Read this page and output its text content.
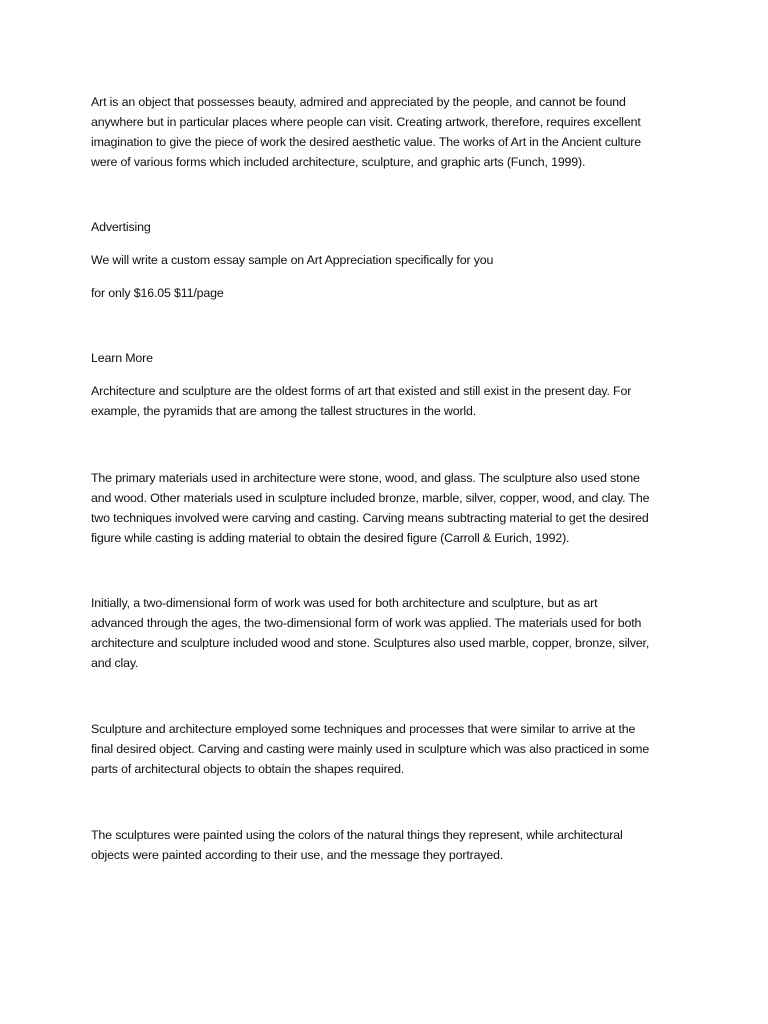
Art is an object that possesses beauty, admired and appreciated by the people, and cannot be found
anywhere but in particular places where people can visit. Creating artwork, therefore, requires excellent
imagination to give the piece of work the desired aesthetic value. The works of Art in the Ancient culture
were of various forms which included architecture, sculpture, and graphic arts (Funch, 1999).

Advertising

We will write a custom essay sample on Art Appreciation specifically for you

for only $16.05 $11/page

Learn More

Architecture and sculpture are the oldest forms of art that existed and still exist in the present day. For
example, the pyramids that are among the tallest structures in the world.

The primary materials used in architecture were stone, wood, and glass. The sculpture also used stone
and wood. Other materials used in sculpture included bronze, marble, silver, copper, wood, and clay. The
two techniques involved were carving and casting. Carving means subtracting material to get the desired
figure while casting is adding material to obtain the desired figure (Carroll & Eurich, 1992).

Initially, a two-dimensional form of work was used for both architecture and sculpture, but as art
advanced through the ages, the two-dimensional form of work was applied. The materials used for both
architecture and sculpture included wood and stone. Sculptures also used marble, copper, bronze, silver,
and clay.

Sculpture and architecture employed some techniques and processes that were similar to arrive at the
final desired object. Carving and casting were mainly used in sculpture which was also practiced in some
parts of architectural objects to obtain the shapes required.

The sculptures were painted using the colors of the natural things they represent, while architectural
objects were painted according to their use, and the message they portrayed.
